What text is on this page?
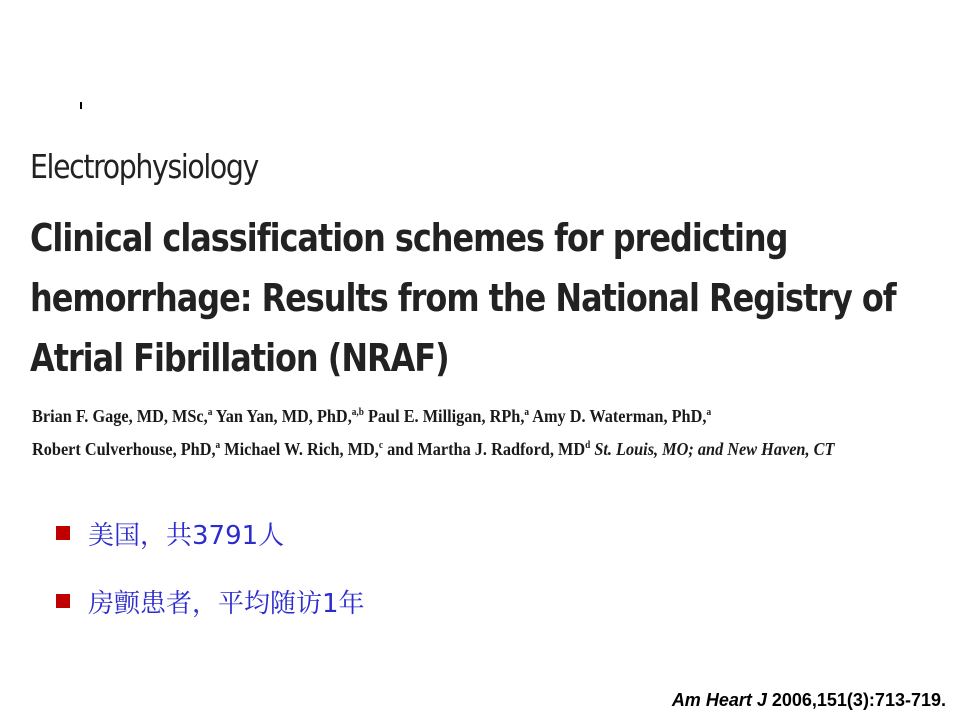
Electrophysiology
Clinical classification schemes for predicting
hemorrhage: Results from the National Registry of
Atrial Fibrillation (NRAF)
Brian F. Gage, MD, MSc,$^a$ Yan Yan, MD, PhD,$^{a,b}$ Paul E. Milligan, RPh,$^a$ Amy D. Waterman, PhD,$^a$
Robert Culverhouse, PhD,$^a$ Michael W. Rich, MD,$^c$ and Martha J. Radford, $MD^d$ St. Louis, MO; and New Haven, CT
美国，共3791人
房颤患者，平均随访1年
Am Heart J 2006,151(3):713-719.
